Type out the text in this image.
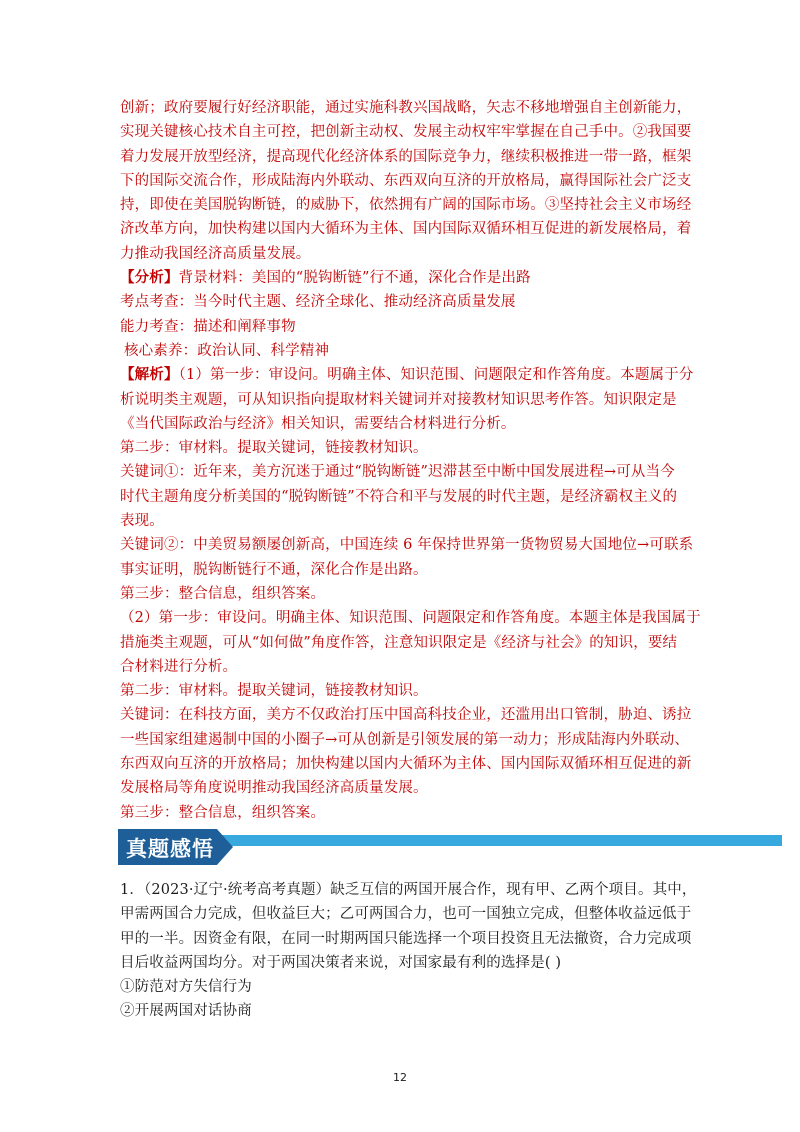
创新；政府要履行好经济职能，通过实施科教兴国战略，矢志不移地增强自主创新能力，
实现关键核心技术自主可控，把创新主动权、发展主动权牢牢掌握在自己手中。②我国要
着力发展开放型经济，提高现代化经济体系的国际竞争力，继续积极推进一带一路，框架
下的国际交流合作，形成陆海内外联动、东西双向互济的开放格局，赢得国际社会广泛支
持，即使在美国脱钩断链，的威胁下，依然拥有广阔的国际市场。③坚持社会主义市场经
济改革方向，加快构建以国内大循环为主体、国内国际双循环相互促进的新发展格局，着
力推动我国经济高质量发展。
【分析】背景材料：美国的“脱钩断链”行不通，深化合作是出路
考点考查：当今时代主题、经济全球化、推动经济高质量发展
能力考查：描述和阐释事物
核心素养：政治认同、科学精神
【解析】（1）第一步：审设问。明确主体、知识范围、问题限定和作答角度。本题属于分
析说明类主观题，可从知识指向提取材料关键词并对接教材知识思考作答。知识限定是
《当代国际政治与经济》相关知识，需要结合材料进行分析。
第二步：审材料。提取关键词，链接教材知识。
关键词①：近年来，美方沉迷于通过“脱钩断链”迟滞甚至中断中国发展进程→可从当今
时代主题角度分析美国的“脱钩断链”不符合和平与发展的时代主题，是经济霸权主义的
表现。
关键词②：中美贸易额屡创新高，中国连续 6 年保持世界第一货物贸易大国地位→可联系
事实证明，脱钩断链行不通，深化合作是出路。
第三步：整合信息，组织答案。
（2）第一步：审设问。明确主体、知识范围、问题限定和作答角度。本题主体是我国属于
措施类主观题，可从“如何做”角度作答，注意知识限定是《经济与社会》的知识，要结
合材料进行分析。
第二步：审材料。提取关键词，链接教材知识。
关键词：在科技方面，美方不仅政治打压中国高科技企业，还滥用出口管制，胁迫、诱拉
一些国家组建遏制中国的小圈子→可从创新是引领发展的第一动力；形成陆海内外联动、
东西双向互济的开放格局；加快构建以国内大循环为主体、国内国际双循环相互促进的新
发展格局等角度说明推动我国经济高质量发展。
第三步：整合信息，组织答案。
真题感悟
1．（2023·辽宁·统考高考真题）缺乏互信的两国开展合作，现有甲、乙两个项目。其中，
甲需两国合力完成，但收益巨大；乙可两国合力，也可一国独立完成，但整体收益远低于
甲的一半。因资金有限，在同一时期两国只能选择一个项目投资且无法撤资，合力完成项
目后收益两国均分。对于两国决策者来说，对国家最有利的选择是( )
①防范对方失信行为
②开展两国对话协商
12
